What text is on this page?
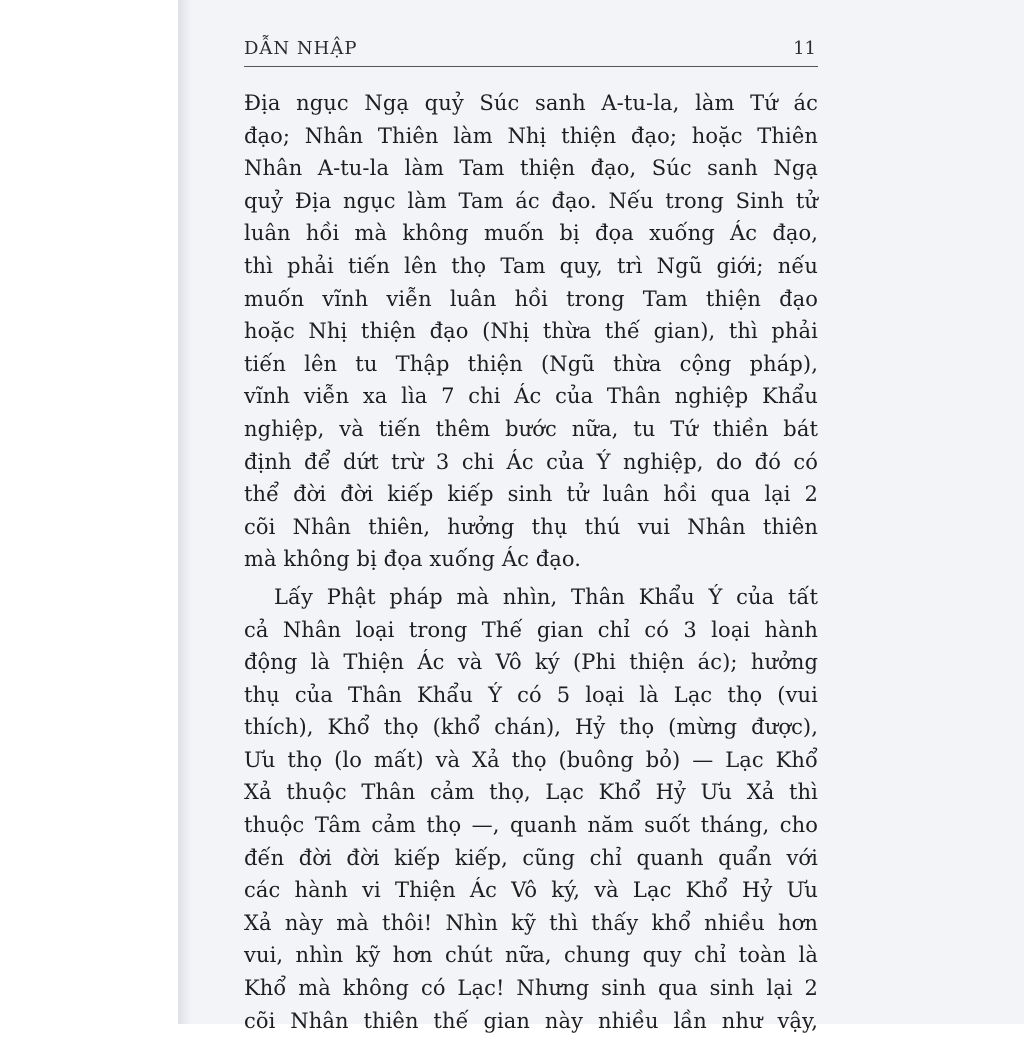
DẪN NHẬP	11
Địa ngục Ngạ quỷ Súc sanh A-tu-la, làm Tứ ác
đạo; Nhân Thiên làm Nhị thiện đạo; hoặc Thiên
Nhân A-tu-la làm Tam thiện đạo, Súc sanh Ngạ
quỷ Địa ngục làm Tam ác đạo. Nếu trong Sinh tử
luân hồi mà không muốn bị đọa xuống Ác đạo,
thì phải tiến lên thọ Tam quy, trì Ngũ giới; nếu
muốn vĩnh viễn luân hồi trong Tam thiện đạo
hoặc Nhị thiện đạo (Nhị thừa thế gian), thì phải
tiến lên tu Thập thiện (Ngũ thừa cộng pháp),
vĩnh viễn xa lìa 7 chi Ác của Thân nghiệp Khẩu
nghiệp, và tiến thêm bước nữa, tu Tứ thiền bát
định để dứt trừ 3 chi Ác của Ý nghiệp, do đó có
thể đời đời kiếp kiếp sinh tử luân hồi qua lại 2
cõi Nhân thiên, hưởng thụ thú vui Nhân thiên
mà không bị đọa xuống Ác đạo.
Lấy Phật pháp mà nhìn, Thân Khẩu Ý của tất
cả Nhân loại trong Thế gian chỉ có 3 loại hành
động là Thiện Ác và Vô ký (Phi thiện ác); hưởng
thụ của Thân Khẩu Ý có 5 loại là Lạc thọ (vui
thích), Khổ thọ (khổ chán), Hỷ thọ (mừng được),
Ưu thọ (lo mất) và Xả thọ (buông bỏ) — Lạc Khổ
Xả thuộc Thân cảm thọ, Lạc Khổ Hỷ Ưu Xả thì
thuộc Tâm cảm thọ —, quanh năm suốt tháng, cho
đến đời đời kiếp kiếp, cũng chỉ quanh quẩn với
các hành vi Thiện Ác Vô ký, và Lạc Khổ Hỷ Ưu
Xả này mà thôi! Nhìn kỹ thì thấy khổ nhiều hơn
vui, nhìn kỹ hơn chút nữa, chung quy chỉ toàn là
Khổ mà không có Lạc! Nhưng sinh qua sinh lại 2
cõi Nhân thiên thế gian này nhiều lần như vậy,
